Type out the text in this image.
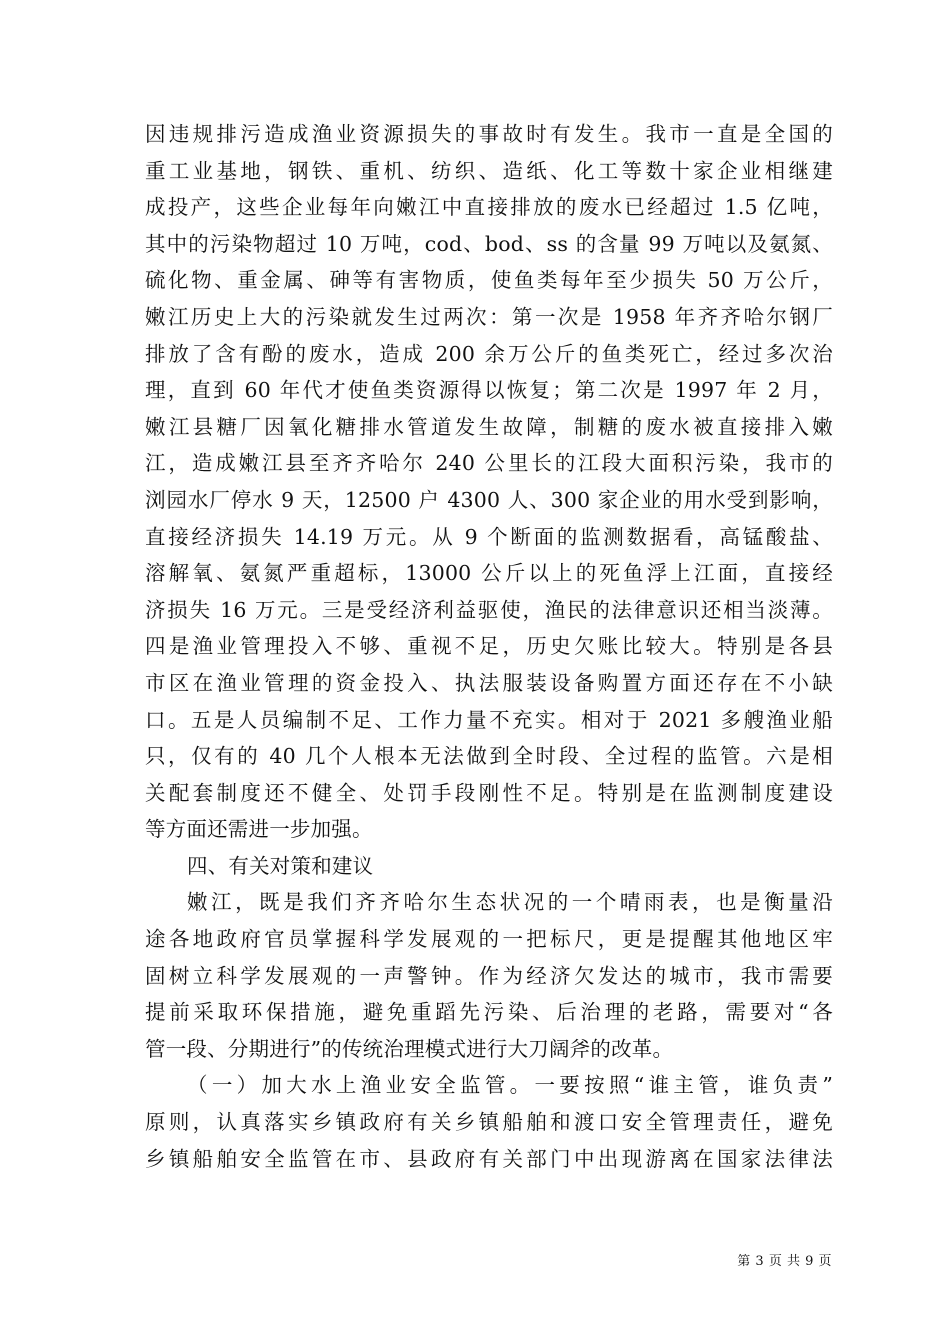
因违规排污造成渔业资源损失的事故时有发生。我市一直是全国的
重工业基地，钢铁、重机、纺织、造纸、化工等数十家企业相继建
成投产，这些企业每年向嫩江中直接排放的废水已经超过 1.5 亿吨，
其中的污染物超过 10 万吨，cod、bod、ss 的含量 99 万吨以及氨氮、
硫化物、重金属、砷等有害物质，使鱼类每年至少损失 50 万公斤，
嫩江历史上大的污染就发生过两次：第一次是 1958 年齐齐哈尔钢厂
排放了含有酚的废水，造成 200 余万公斤的鱼类死亡，经过多次治
理，直到 60 年代才使鱼类资源得以恢复；第二次是 1997 年 2 月，
嫩江县糖厂因氧化糖排水管道发生故障，制糖的废水被直接排入嫩
江，造成嫩江县至齐齐哈尔 240 公里长的江段大面积污染，我市的
浏园水厂停水 9 天，12500 户 4300 人、300 家企业的用水受到影响，
直接经济损失 14.19 万元。从 9 个断面的监测数据看，高锰酸盐、
溶解氧、氨氮严重超标，13000 公斤以上的死鱼浮上江面，直接经
济损失 16 万元。三是受经济利益驱使，渔民的法律意识还相当淡薄。
四是渔业管理投入不够、重视不足，历史欠账比较大。特别是各县
市区在渔业管理的资金投入、执法服装设备购置方面还存在不小缺
口。五是人员编制不足、工作力量不充实。相对于 2021 多艘渔业船
只，仅有的 40 几个人根本无法做到全时段、全过程的监管。六是相
关配套制度还不健全、处罚手段刚性不足。特别是在监测制度建设
等方面还需进一步加强。
四、有关对策和建议
嫩江，既是我们齐齐哈尔生态状况的一个晴雨表，也是衡量沿
途各地政府官员掌握科学发展观的一把标尺，更是提醒其他地区牢
固树立科学发展观的一声警钟。作为经济欠发达的城市，我市需要
提前采取环保措施，避免重蹈先污染、后治理的老路，需要对“各
管一段、分期进行”的传统治理模式进行大刀阔斧的改革。
（一）加大水上渔业安全监管。一要按照“谁主管，谁负责”
原则，认真落实乡镇政府有关乡镇船舶和渡口安全管理责任，避免
乡镇船舶安全监管在市、县政府有关部门中出现游离在国家法律法
第 3 页 共 9 页
